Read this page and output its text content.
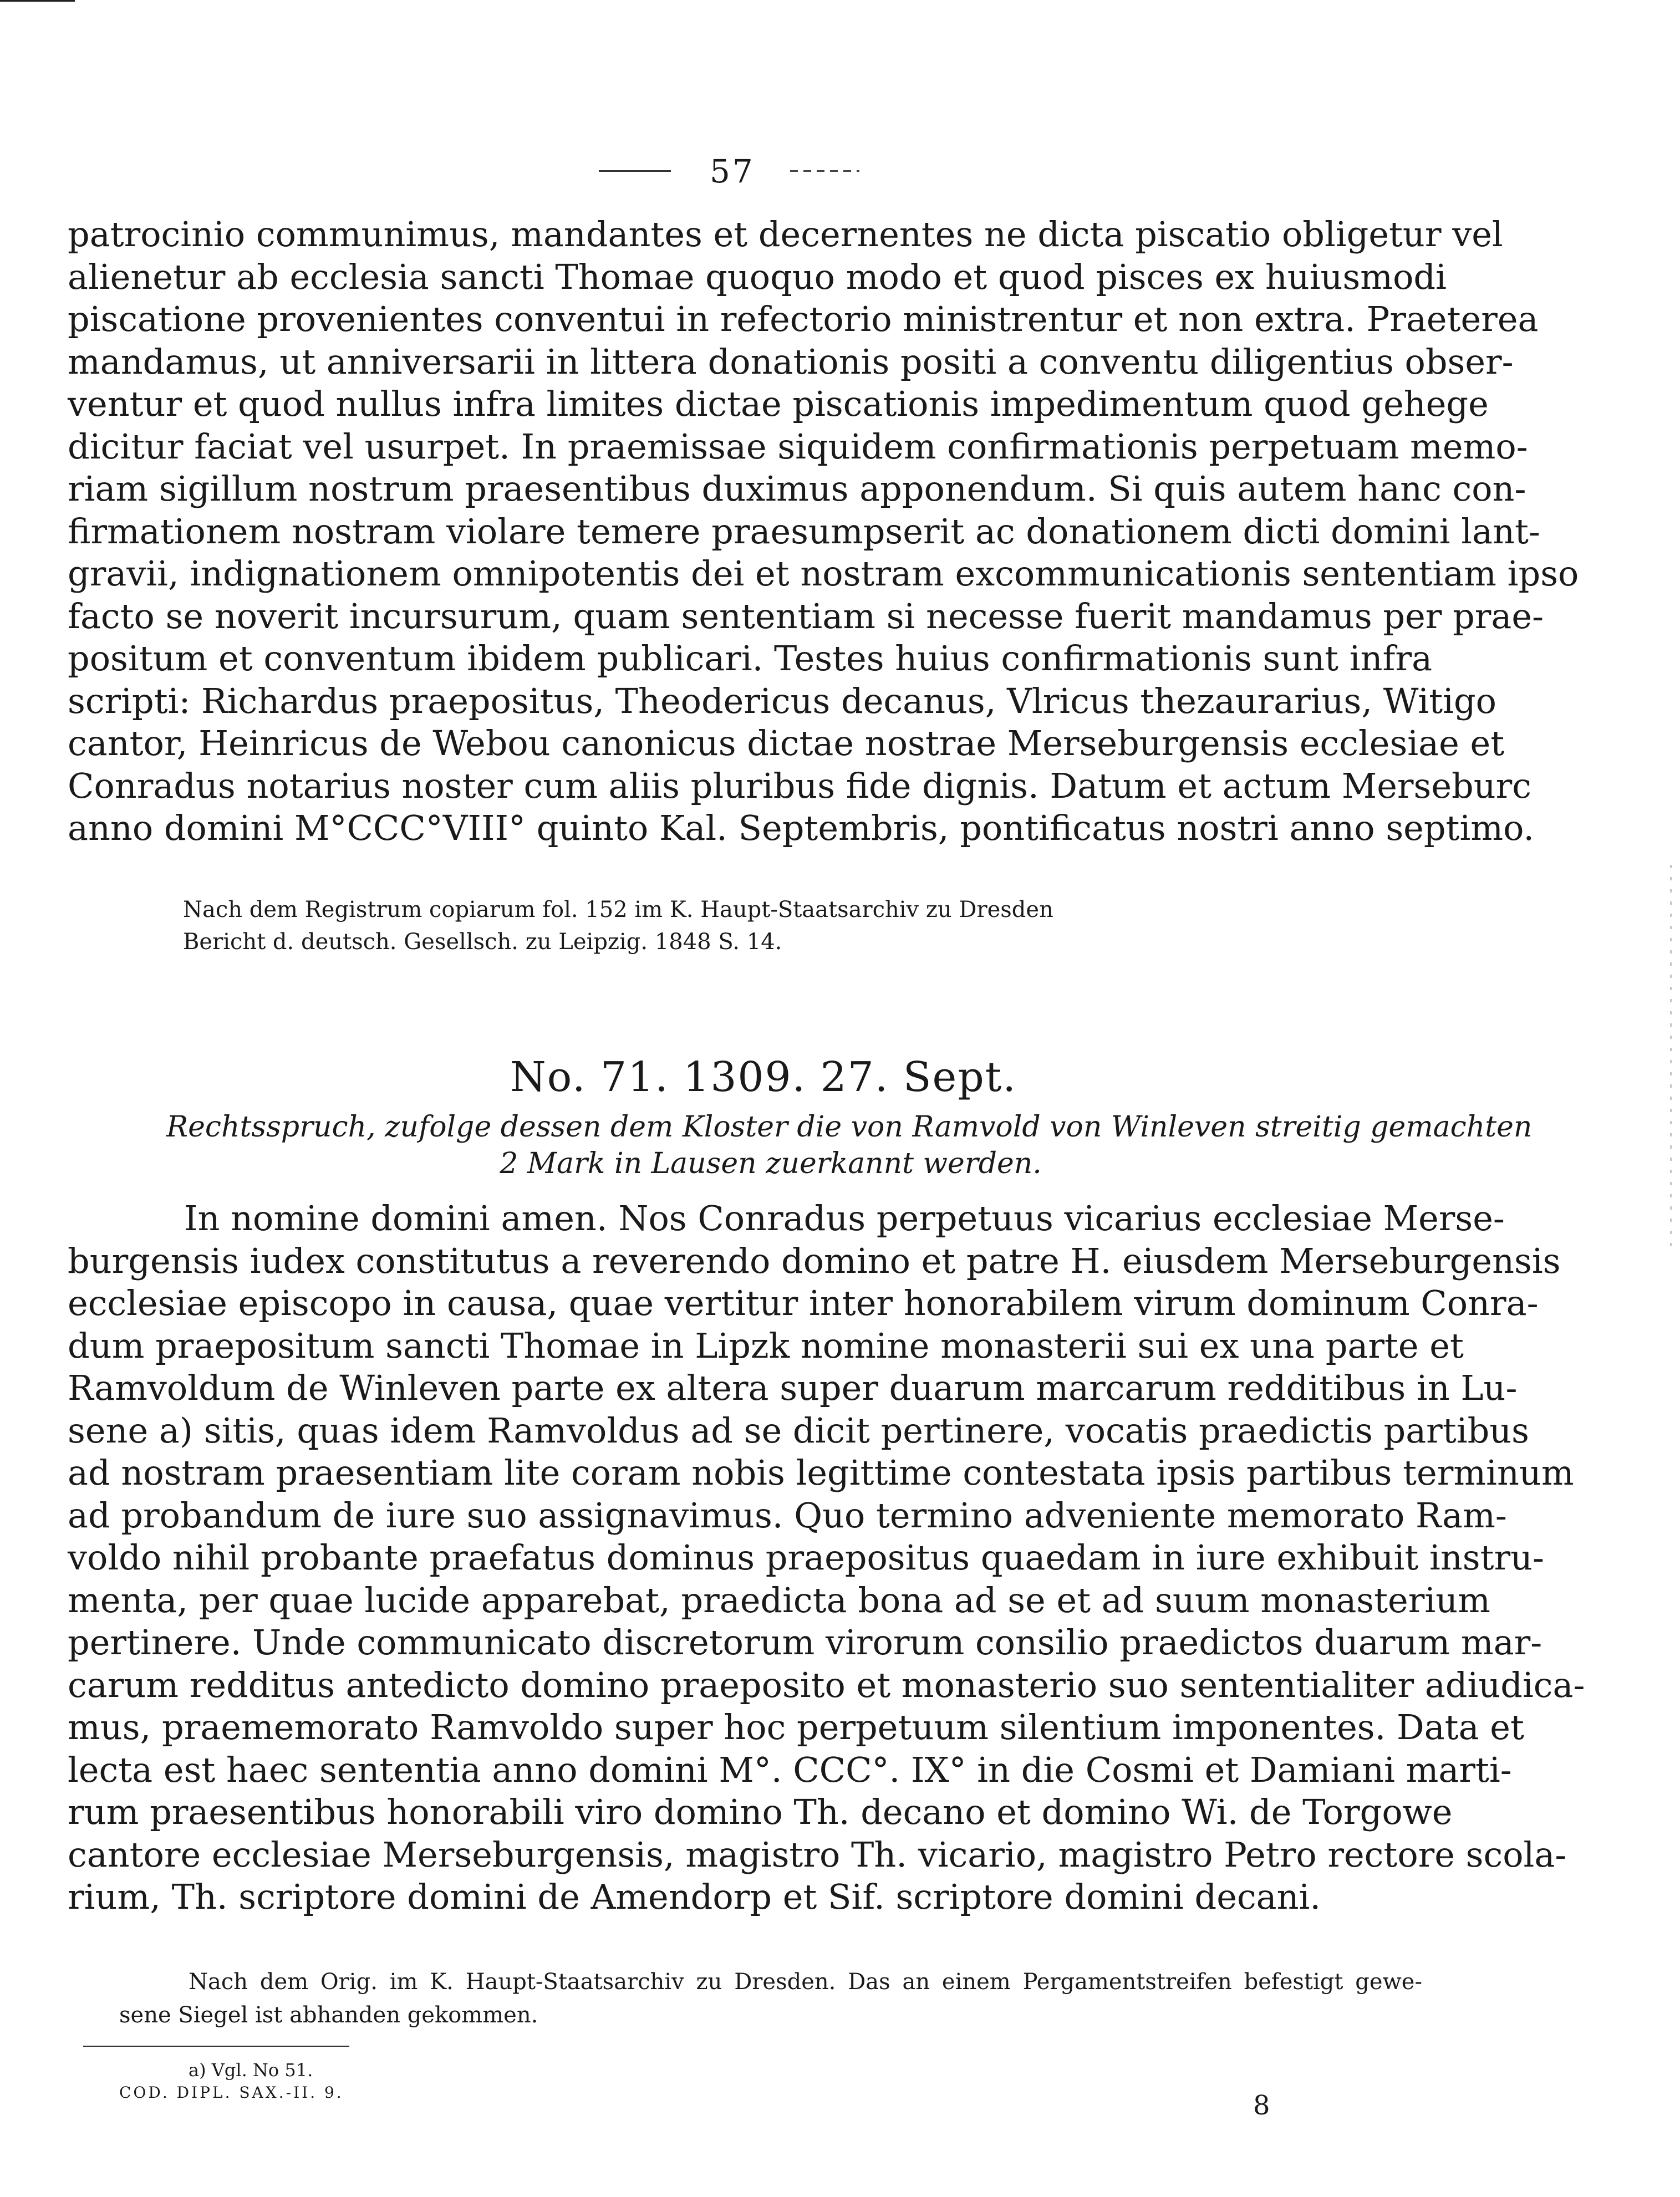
57
patrocinio communimus, mandantes et decernentes ne dicta piscatio obligetur vel
alienetur ab ecclesia sancti Thomae quoquo modo et quod pisces ex huiusmodi
piscatione provenientes conventui in refectorio ministrentur et non extra. Praeterea
mandamus, ut anniversarii in littera donationis positi a conventu diligentius obser-
ventur et quod nullus infra limites dictae piscationis impedimentum quod gehege
dicitur faciat vel usurpet. In praemissae siquidem confirmationis perpetuam memo-
riam sigillum nostrum praesentibus duximus apponendum. Si quis autem hanc con-
firmationem nostram violare temere praesumpserit ac donationem dicti domini lant-
gravii, indignationem omnipotentis dei et nostram excommunicationis sententiam ipso
facto se noverit incursurum, quam sententiam si necesse fuerit mandamus per prae-
positum et conventum ibidem publicari. Testes huius confirmationis sunt infra
scripti: Richardus praepositus, Theodericus decanus, Vlricus thezaurarius, Witigo
cantor, Heinricus de Webou canonicus dictae nostrae Merseburgensis ecclesiae et
Conradus notarius noster cum aliis pluribus fide dignis. Datum et actum Merseburc
anno domini M°CCC°VIII° quinto Kal. Septembris, pontificatus nostri anno septimo.
Nach dem Registrum copiarum fol. 152 im K. Haupt-Staatsarchiv zu Dresden
Bericht d. deutsch. Gesellsch. zu Leipzig. 1848 S. 14.
No. 71. 1309. 27. Sept.
Rechtsspruch, zufolge dessen dem Kloster die von Ramvold von Winleven streitig gemachten
2 Mark in Lausen zuerkannt werden.
In nomine domini amen. Nos Conradus perpetuus vicarius ecclesiae Merse-
burgensis iudex constitutus a reverendo domino et patre H. eiusdem Merseburgensis
ecclesiae episcopo in causa, quae vertitur inter honorabilem virum dominum Conra-
dum praepositum sancti Thomae in Lipzk nomine monasterii sui ex una parte et
Ramvoldum de Winleven parte ex altera super duarum marcarum redditibus in Lu-
sene a) sitis, quas idem Ramvoldus ad se dicit pertinere, vocatis praedictis partibus
ad nostram praesentiam lite coram nobis legittime contestata ipsis partibus terminum
ad probandum de iure suo assignavimus. Quo termino adveniente memorato Ram-
voldo nihil probante praefatus dominus praepositus quaedam in iure exhibuit instru-
menta, per quae lucide apparebat, praedicta bona ad se et ad suum monasterium
pertinere. Unde communicato discretorum virorum consilio praedictos duarum mar-
carum redditus antedicto domino praeposito et monasterio suo sententialiter adiudica-
mus, praememorato Ramvoldo super hoc perpetuum silentium imponentes. Data et
lecta est haec sententia anno domini M°. CCC°. IX° in die Cosmi et Damiani marti-
rum praesentibus honorabili viro domino Th. decano et domino Wi. de Torgowe
cantore ecclesiae Merseburgensis, magistro Th. vicario, magistro Petro rectore scola-
rium, Th. scriptore domini de Amendorp et Sif. scriptore domini decani.
Nach dem Orig. im K. Haupt-Staatsarchiv zu Dresden. Das an einem Pergamentstreifen befestigt gewe-
sene Siegel ist abhanden gekommen.
a) Vgl. No 51.
COD. DIPL. SAX.-II. 9.	8
